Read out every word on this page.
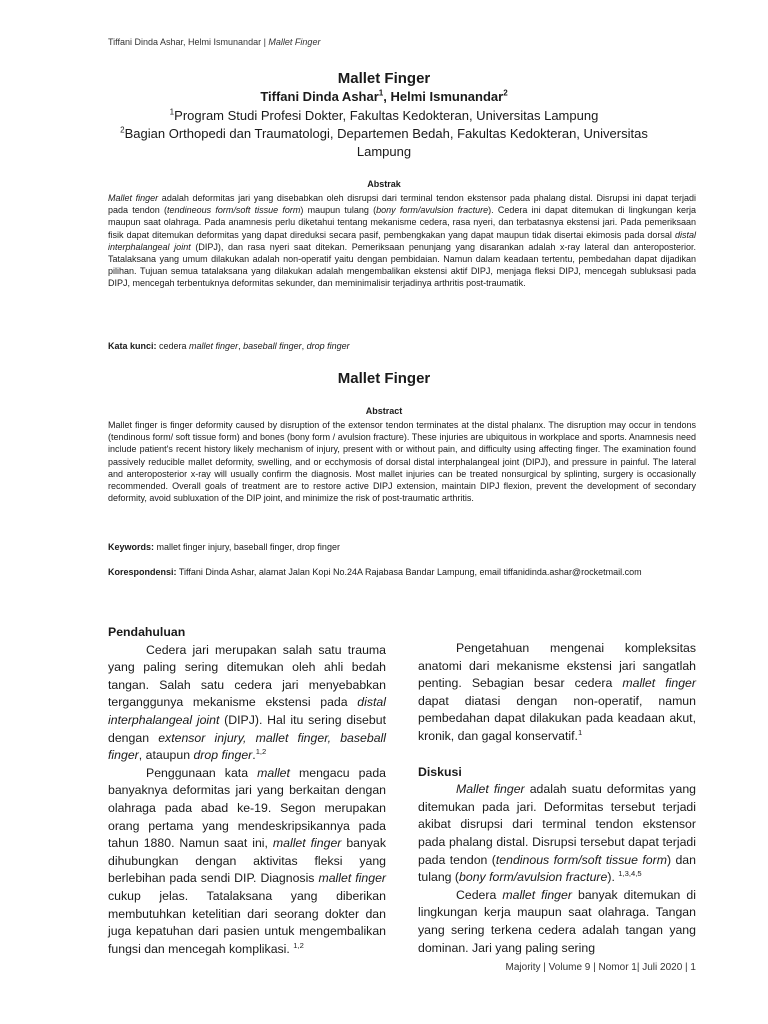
Tiffani Dinda Ashar, Helmi Ismunandar | Mallet Finger
Mallet Finger
Tiffani Dinda Ashar$^1$, Helmi Ismunandar$^2$
$^1$Program Studi Profesi Dokter, Fakultas Kedokteran, Universitas Lampung
$^2$Bagian Orthopedi dan Traumatologi, Departemen Bedah, Fakultas Kedokteran, Universitas Lampung
Abstrak
Mallet finger adalah deformitas jari yang disebabkan oleh disrupsi dari terminal tendon ekstensor pada phalang distal. Disrupsi ini dapat terjadi pada tendon (tendineous form/soft tissue form) maupun tulang (bony form/avulsion fracture). Cedera ini dapat ditemukan di lingkungan kerja maupun saat olahraga. Pada anamnesis perlu diketahui tentang mekanisme cedera, rasa nyeri, dan terbatasnya ekstensi jari. Pada pemeriksaan fisik dapat ditemukan deformitas yang dapat direduksi secara pasif, pembengkakan yang dapat maupun tidak disertai ekimosis pada dorsal distal interphalangeal joint (DIPJ), dan rasa nyeri saat ditekan. Pemeriksaan penunjang yang disarankan adalah x-ray lateral dan anteroposterior. Tatalaksana yang umum dilakukan adalah non-operatif yaitu dengan pembidaian. Namun dalam keadaan tertentu, pembedahan dapat dijadikan pilihan. Tujuan semua tatalaksana yang dilakukan adalah mengembalikan ekstensi aktif DIPJ, menjaga fleksi DIPJ, mencegah subluksasi pada DIPJ, mencegah terbentuknya deformitas sekunder, dan meminimalisir terjadinya arthritis post-traumatik.
Kata kunci: cedera mallet finger, baseball finger, drop finger
Mallet Finger
Abstract
Mallet finger is finger deformity caused by disruption of the extensor tendon terminates at the distal phalanx. The disruption may occur in tendons (tendinous form/ soft tissue form) and bones (bony form / avulsion fracture). These injuries are ubiquitous in workplace and sports. Anamnesis need include patient's recent history likely mechanism of injury, present with or without pain, and difficulty using affecting finger. The examination found passively reducible mallet deformity, swelling, and or ecchymosis of dorsal distal interphalangeal joint (DIPJ), and pressure in painful. The lateral and anteroposterior x-ray will usually confirm the diagnosis. Most mallet injuries can be treated nonsurgical by splinting, surgery is occasionally recommended. Overall goals of treatment are to restore active DIPJ extension, maintain DIPJ flexion, prevent the development of secondary deformity, avoid subluxation of the DIP joint, and minimize the risk of post-traumatic arthritis.
Keywords: mallet finger injury, baseball finger, drop finger
Korespondensi: Tiffani Dinda Ashar, alamat Jalan Kopi No.24A Rajabasa Bandar Lampung, email tiffanidinda.ashar@rocketmail.com
Pendahuluan

Cedera jari merupakan salah satu trauma yang paling sering ditemukan oleh ahli bedah tangan. Salah satu cedera jari menyebabkan terganggunya mekanisme ekstensi pada distal interphalangeal joint (DIPJ). Hal itu sering disebut dengan extensor injury, mallet finger, baseball finger, ataupun drop finger.$^{1,2}$

Penggunaan kata mallet mengacu pada banyaknya deformitas jari yang berkaitan dengan olahraga pada abad ke-19. Segon merupakan orang pertama yang mendeskripsikannya pada tahun 1880. Namun saat ini, mallet finger banyak dihubungkan dengan aktivitas fleksi yang berlebihan pada sendi DIP. Diagnosis mallet finger cukup jelas. Tatalaksana yang diberikan membutuhkan ketelitian dari seorang dokter dan juga kepatuhan dari pasien untuk mengembalikan fungsi dan mencegah komplikasi. $^{1,2}$

Pengetahuan mengenai kompleksitas anatomi dari mekanisme ekstensi jari sangatlah penting. Sebagian besar cedera mallet finger dapat diatasi dengan non-operatif, namun pembedahan dapat dilakukan pada keadaan akut, kronik, dan gagal konservatif.$^1$

Diskusi

Mallet finger adalah suatu deformitas yang ditemukan pada jari. Deformitas tersebut terjadi akibat disrupsi dari terminal tendon ekstensor pada phalang distal. Disrupsi tersebut dapat terjadi pada tendon (tendinous form/soft tissue form) dan tulang (bony form/avulsion fracture). $^{1,3,4,5}$

Cedera mallet finger banyak ditemukan di lingkungan kerja maupun saat olahraga. Tangan yang sering terkena cedera adalah tangan yang dominan. Jari yang paling sering

Majority | Volume 9 | Nomor 1| Juli 2020 | 1
